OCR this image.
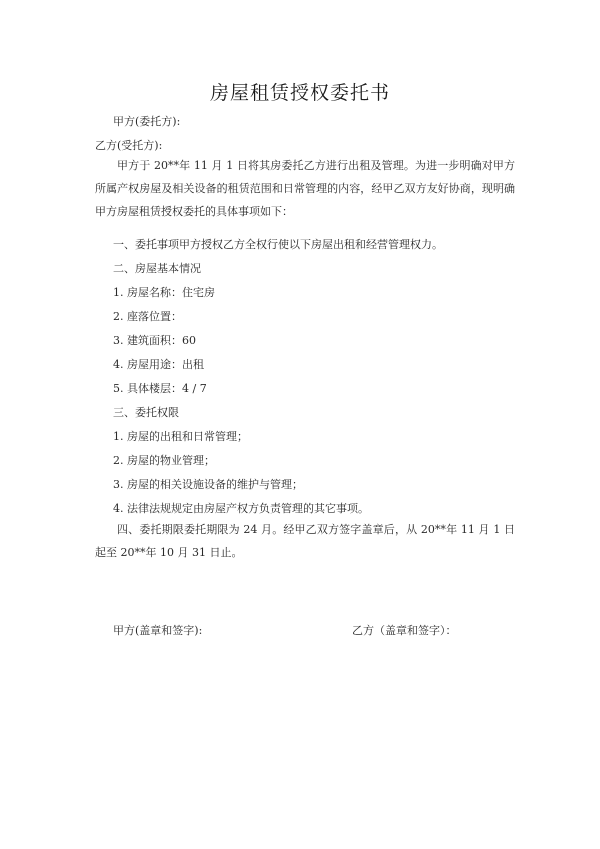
房屋租赁授权委托书
甲方(委托方):
乙方(受托方):
甲方于 20**年 11 月 1 日将其房委托乙方进行出租及管理。为进一步明确对甲方所属产权房屋及相关设备的租赁范围和日常管理的内容，经甲乙双方友好协商，现明确甲方房屋租赁授权委托的具体事项如下：
一、委托事项甲方授权乙方全权行使以下房屋出租和经营管理权力。
二、房屋基本情况
1. 房屋名称：住宅房
2. 座落位置：
3. 建筑面积：60
4. 房屋用途：出租
5. 具体楼层：4 / 7
三、委托权限
1. 房屋的出租和日常管理；
2. 房屋的物业管理；
3. 房屋的相关设施设备的维护与管理；
4. 法律法规规定由房屋产权方负责管理的其它事项。
四、委托期限委托期限为 24 月。经甲乙双方签字盖章后，从 20**年 11 月 1 日起至 20**年 10 月 31 日止。
甲方(盖章和签字):	乙方（盖章和签字）：
